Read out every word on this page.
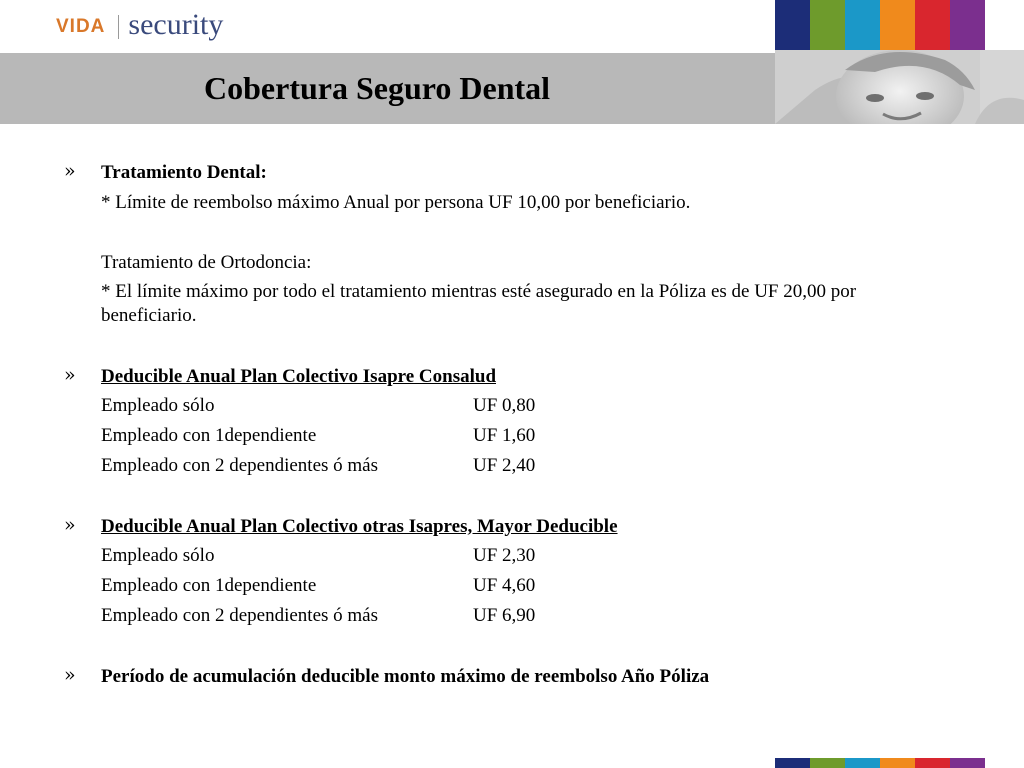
VIDA security
Cobertura Seguro Dental
» Tratamiento Dental:
* Límite de reembolso máximo Anual por persona UF 10,00 por beneficiario.
Tratamiento de Ortodoncia:
* El límite máximo por todo el tratamiento mientras esté asegurado en la Póliza es de UF 20,00 por beneficiario.
» Deducible Anual Plan Colectivo Isapre Consalud
Empleado sólo	UF 0,80
Empleado con 1dependiente	UF 1,60
Empleado con 2 dependientes ó más	UF 2,40
» Deducible Anual Plan Colectivo otras Isapres, Mayor Deducible
Empleado sólo	UF 2,30
Empleado con 1dependiente	UF 4,60
Empleado con 2 dependientes ó más	UF 6,90
» Período de acumulación deducible monto máximo de reembolso Año Póliza
